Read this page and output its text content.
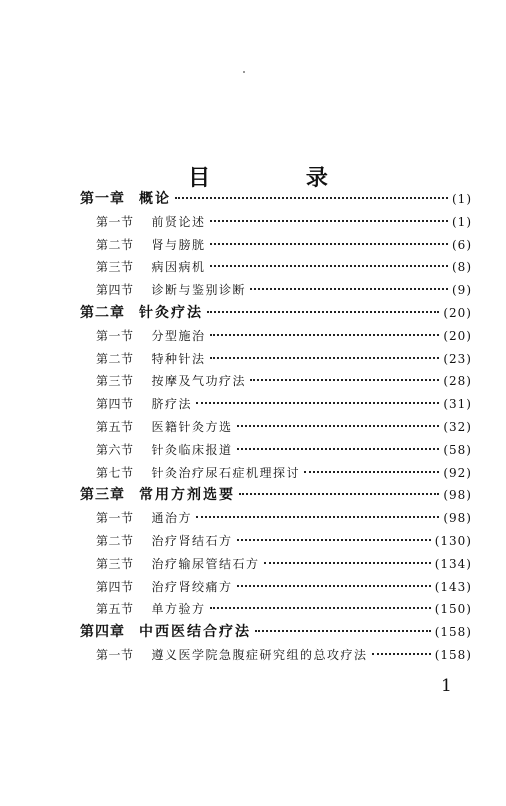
目 录
第一章 概论	(1)
第一节 前贤论述	(1)
第二节 肾与膀胱	(6)
第三节 病因病机	(8)
第四节 诊断与鉴别诊断	(9)
第二章 针灸疗法	(20)
第一节 分型施治	(20)
第二节 特种针法	(23)
第三节 按摩及气功疗法	(28)
第四节 脐疗法	(31)
第五节 医籍针灸方选	(32)
第六节 针灸临床报道	(58)
第七节 针灸治疗尿石症机理探讨	(92)
第三章 常用方剂选要	(98)
第一节 通治方	(98)
第二节 治疗肾结石方	(130)
第三节 治疗输尿管结石方	(134)
第四节 治疗肾绞痛方	(143)
第五节 单方验方	(150)
第四章 中西医结合疗法	(158)
第一节 遵义医学院急腹症研究组的总攻疗法	(158)
1
